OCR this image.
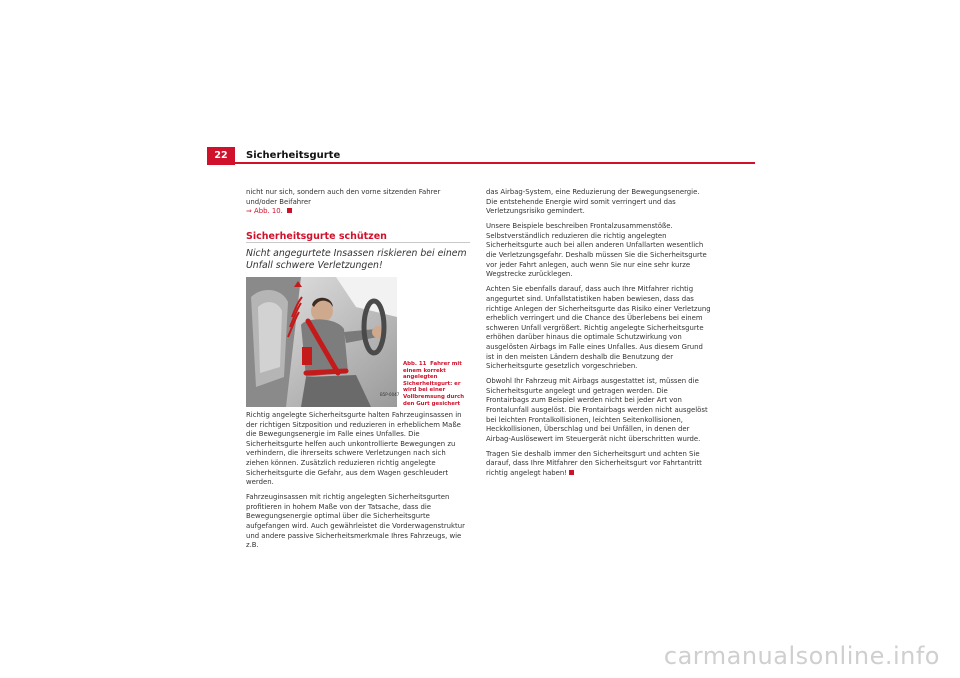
22	Sicherheitsgurte

nicht nur sich, sondern auch den vorne sitzenden Fahrer und/oder Beifahrer
⇒ Abb. 10.

Sicherheitsgurte schützen
Nicht angegurtete Insassen riskieren bei einem Unfall schwere Verletzungen!
B5P-0047
Abb. 11 Fahrer mit einem korrekt angelegten Sicherheitsgurt: er wird bei einer Vollbremsung durch den Gurt gesichert

Richtig angelegte Sicherheitsgurte halten Fahrzeuginsassen in der richtigen Sitzposition und reduzieren in erheblichem Maße die Bewegungsenergie im Falle eines Unfalles. Die Sicherheitsgurte helfen auch unkontrollierte Bewegungen zu verhindern, die ihrerseits schwere Verletzungen nach sich ziehen können. Zusätzlich reduzieren richtig angelegte Sicherheitsgurte die Gefahr, aus dem Wagen geschleudert werden.

Fahrzeuginsassen mit richtig angelegten Sicherheitsgurten profitieren in hohem Maße von der Tatsache, dass die Bewegungsenergie optimal über die Sicherheitsgurte aufgefangen wird. Auch gewährleistet die Vorderwagenstruktur und andere passive Sicherheitsmerkmale Ihres Fahrzeugs, wie z.B.

das Airbag-System, eine Reduzierung der Bewegungsenergie. Die entstehende Energie wird somit verringert und das Verletzungsrisiko gemindert.

Unsere Beispiele beschreiben Frontalzusammenstöße. Selbstverständlich reduzieren die richtig angelegten Sicherheitsgurte auch bei allen anderen Unfallarten wesentlich die Verletzungsgefahr. Deshalb müssen Sie die Sicherheitsgurte vor jeder Fahrt anlegen, auch wenn Sie nur eine sehr kurze Wegstrecke zurücklegen.

Achten Sie ebenfalls darauf, dass auch Ihre Mitfahrer richtig angegurtet sind. Unfallstatistiken haben bewiesen, dass das richtige Anlegen der Sicherheitsgurte das Risiko einer Verletzung erheblich verringert und die Chance des Überlebens bei einem schweren Unfall vergrößert. Richtig angelegte Sicherheitsgurte erhöhen darüber hinaus die optimale Schutzwirkung von ausgelösten Airbags im Falle eines Unfalles. Aus diesem Grund ist in den meisten Ländern deshalb die Benutzung der Sicherheitsgurte gesetzlich vorgeschrieben.

Obwohl Ihr Fahrzeug mit Airbags ausgestattet ist, müssen die Sicherheitsgurte angelegt und getragen werden. Die Frontairbags zum Beispiel werden nicht bei jeder Art von Frontalunfall ausgelöst. Die Frontairbags werden nicht ausgelöst bei leichten Frontalkollisionen, leichten Seitenkollisionen, Heckkollisionen, Überschlag und bei Unfällen, in denen der Airbag-Auslösewert im Steuergerät nicht überschritten wurde.

Tragen Sie deshalb immer den Sicherheitsgurt und achten Sie darauf, dass Ihre Mitfahrer den Sicherheitsgurt vor Fahrtantritt richtig angelegt haben!

carmanualsonline.info
